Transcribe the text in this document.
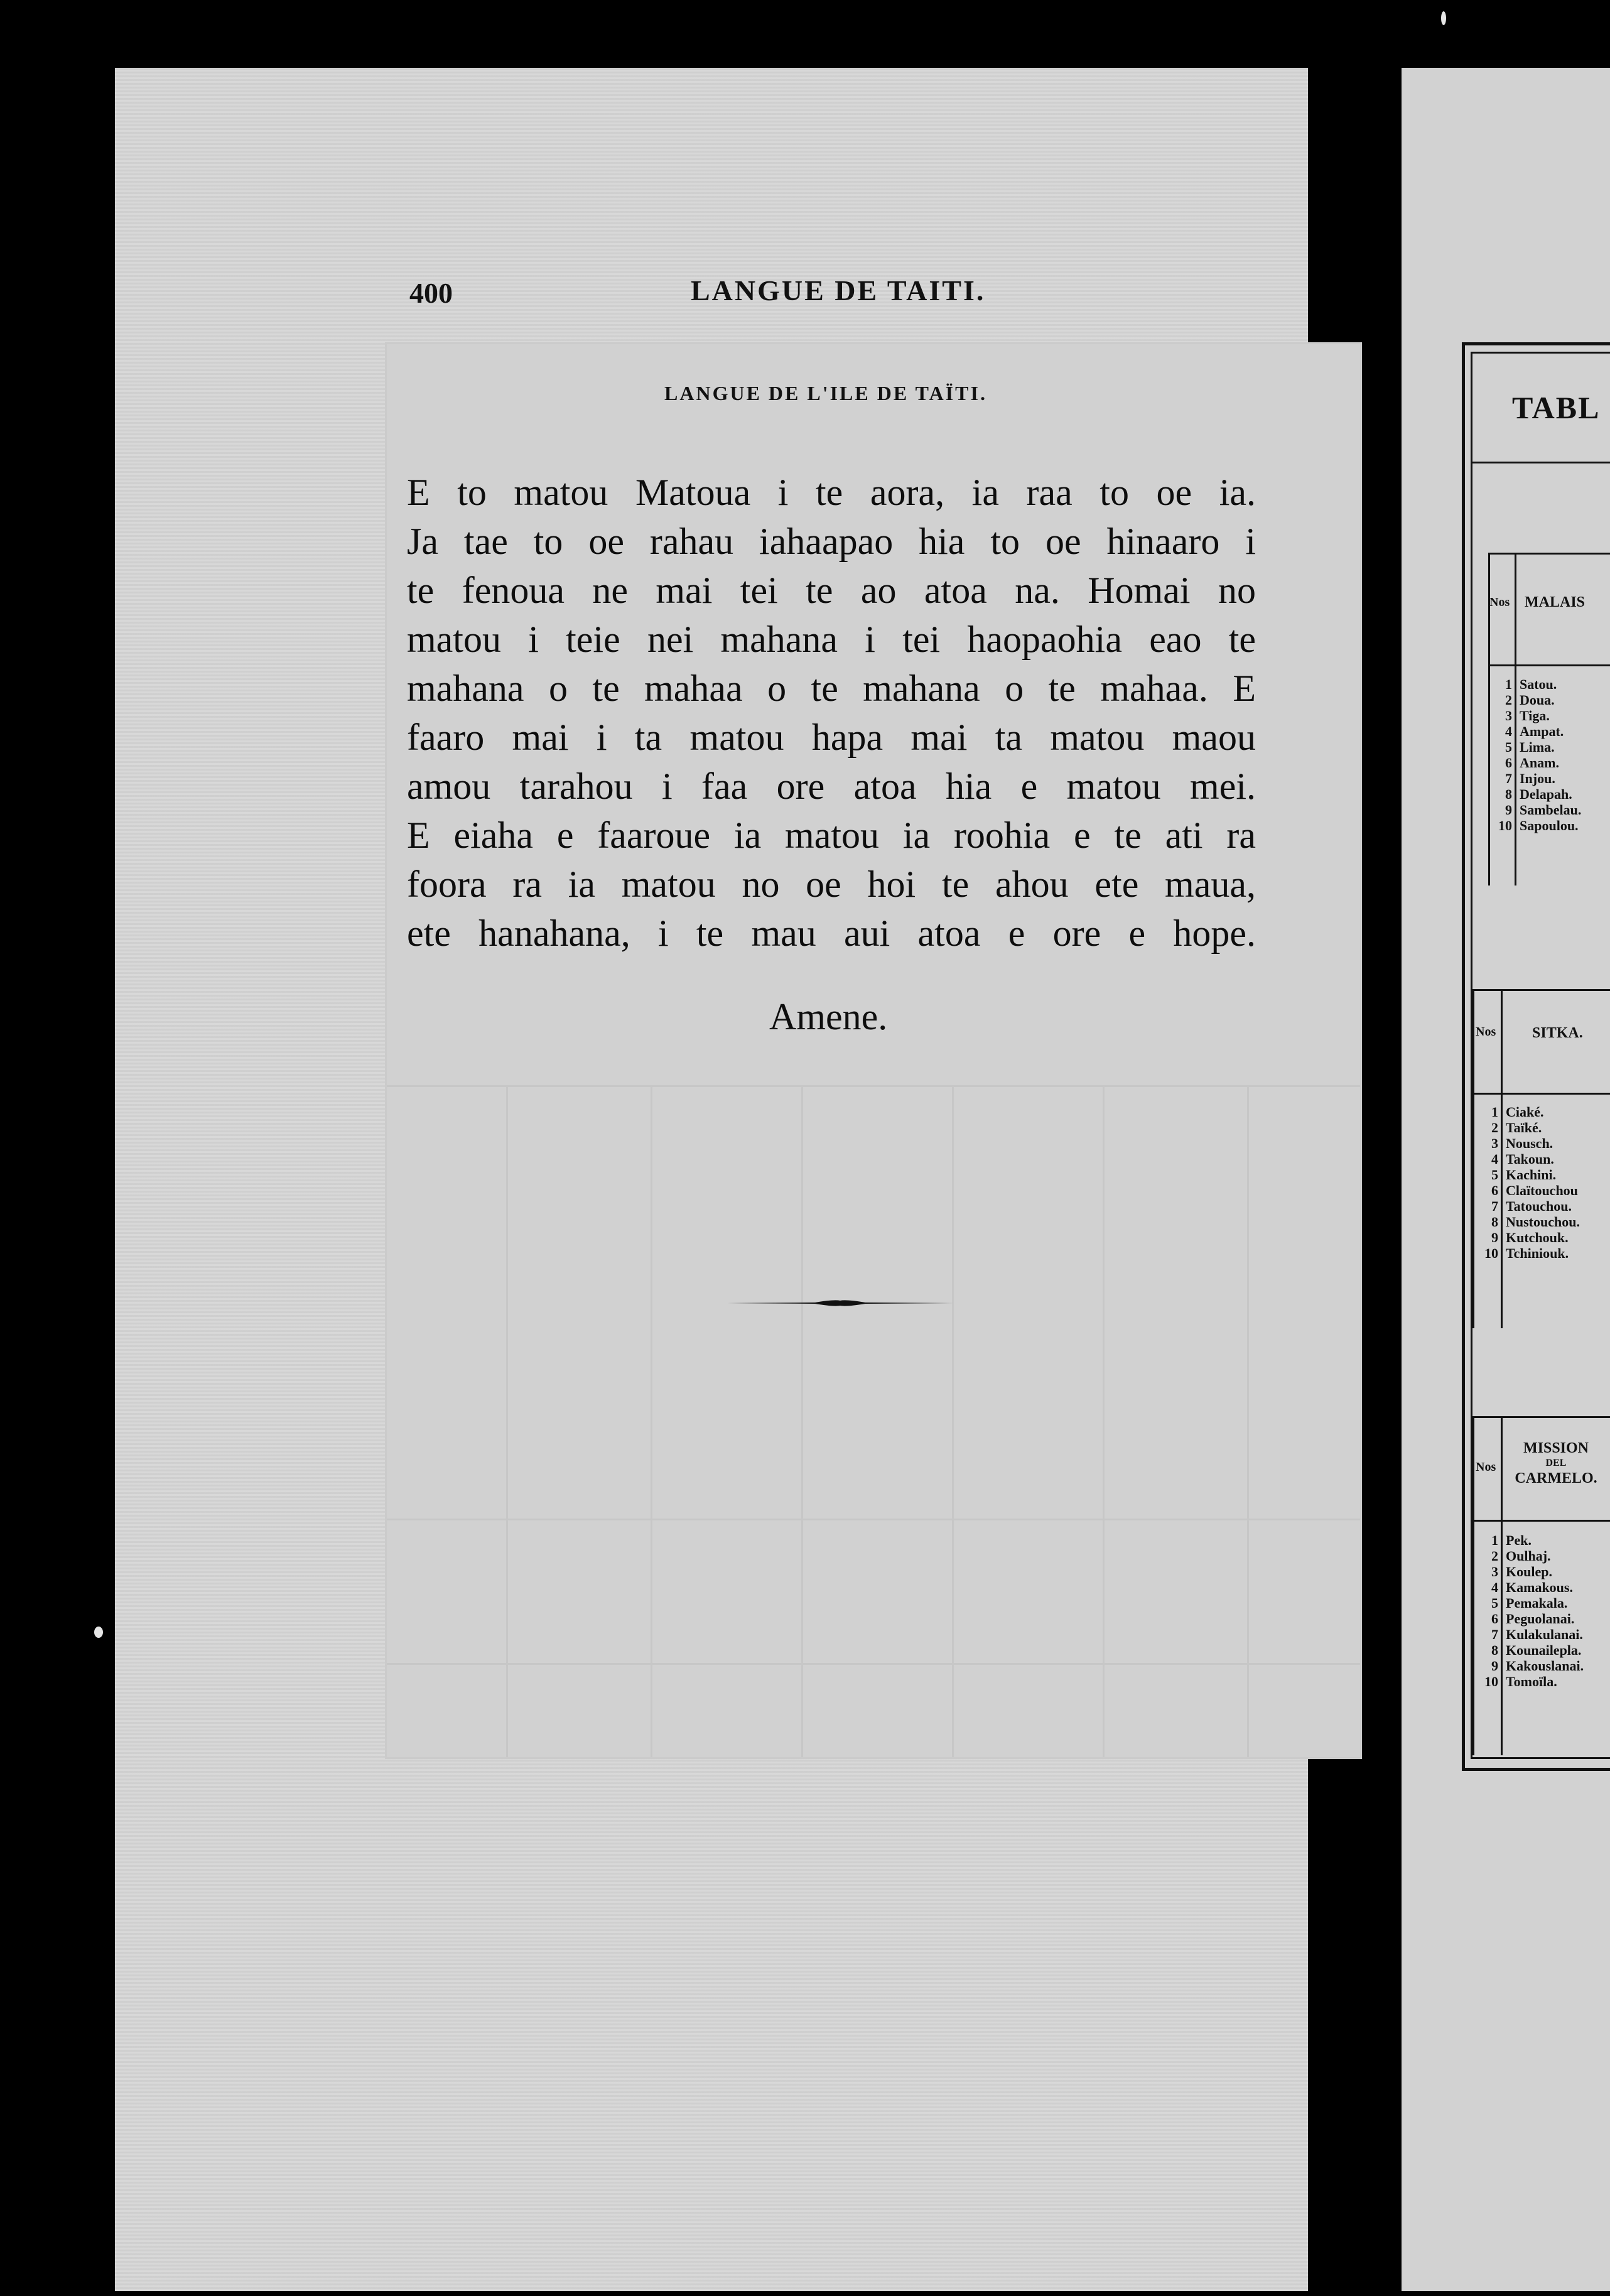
400	LANGUE DE TAITI.
LANGUE DE L'ILE DE TAÏTI.
E to matou Matoua i te aora, ia raa to oe ia.
Ja tae to oe rahau iahaapao hia to oe hinaaro i
te fenoua ne mai tei te ao atoa na. Homai no
matou i teie nei mahana i tei haopaohia eao te
mahana o te mahaa o te mahana o te mahaa. E
faaro mai i ta matou hapa mai ta matou maou
amou tarahou i faa ore atoa hia e matou mei.
E eiaha e faaroue ia matou ia roohia e te ati ra
foora ra ia matou no oe hoi te ahou ete maua,
ete hanahana, i te mau aui atoa e ore e hope.
Amene.
TABL
Nos MALAIS
1
2
3
4
5
6
7
8
9
10
Satou.
Doua.
Tiga.
Ampat.
Lima.
Anam.
Injou.
Delapah.
Sambelau.
Sapoulou.
Nos SITKA.
1
2
3
4
5
6
7
8
9
10
Ciaké.
Taïké.
Nousch.
Takoun.
Kachini.
Claïtouchou
Tatouchou.
Nustouchou.
Kutchouk.
Tchiniouk.
Nos
MISSION
DEL
CARMELO.
1
2
3
4
5
6
7
8
9
10
Pek.
Oulhaj.
Koulep.
Kamakous.
Pemakala.
Peguolanai.
Kulakulanai.
Kounailepla.
Kakouslanai.
Tomoïla.
